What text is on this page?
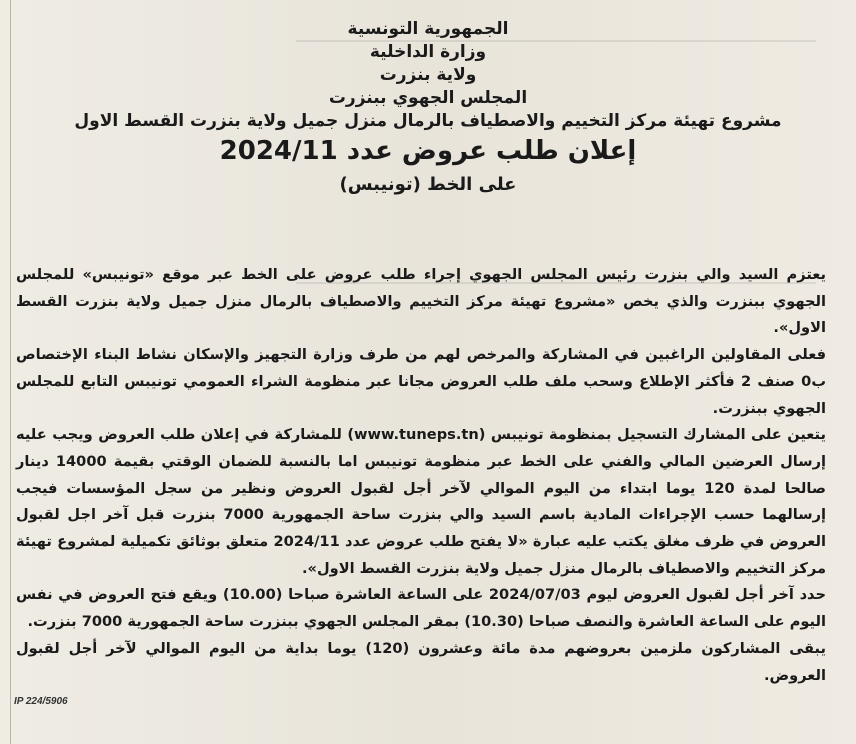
الجمهورية التونسية
وزارة الداخلية
ولاية بنزرت
المجلس الجهوي ببنزرت
مشروع تهيئة مركز التخييم والاصطياف بالرمال منزل جميل ولاية بنزرت القسط الاول
إعلان طلب عروض عدد 2024/11
على الخط (تونيبس)

يعتزم السيد والي بنزرت رئيس المجلس الجهوي إجراء طلب عروض على الخط عبر موقع «تونيبس» للمجلس الجهوي ببنزرت والذي يخص «مشروع تهيئة مركز التخييم والاصطياف بالرمال منزل جميل ولاية بنزرت القسط الاول».

فعلى المقاولين الراغبين في المشاركة والمرخص لهم من طرف وزارة التجهيز والإسكان نشاط البناء الإختصاص ب0 صنف 2 فأكثر الإطلاع وسحب ملف طلب العروض مجانا عبر منظومة الشراء العمومي تونيبس التابع للمجلس الجهوي ببنزرت.

يتعين على المشارك التسجيل بمنظومة تونيبس (www.tuneps.tn) للمشاركة في إعلان طلب العروض ويجب عليه إرسال العرضين المالي والفني على الخط عبر منظومة تونيبس اما بالنسبة للضمان الوقتي بقيمة 14000 دينار صالحا لمدة 120 يوما ابتداء من اليوم الموالي لآخر أجل لقبول العروض ونظير من سجل المؤسسات فيجب إرسالهما حسب الإجراءات المادية باسم السيد والي بنزرت ساحة الجمهورية 7000 بنزرت قبل آخر اجل لقبول العروض في ظرف مغلق يكتب عليه عبارة «لا يفتح طلب عروض عدد 2024/11 متعلق بوثائق تكميلية لمشروع تهيئة مركز التخييم والاصطياف بالرمال منزل جميل ولاية بنزرت القسط الاول».

حدد آخر أجل لقبول العروض ليوم 2024/07/03 على الساعة العاشرة صباحا (10.00) ويقع فتح العروض في نفس اليوم على الساعة العاشرة والنصف صباحا (10.30) بمقر المجلس الجهوي ببنزرت ساحة الجمهورية 7000 بنزرت.

يبقى المشاركون ملزمين بعروضهم مدة مائة وعشرون (120) يوما بداية من اليوم الموالي لآخر أجل لقبول العروض.

IP 224/5906
